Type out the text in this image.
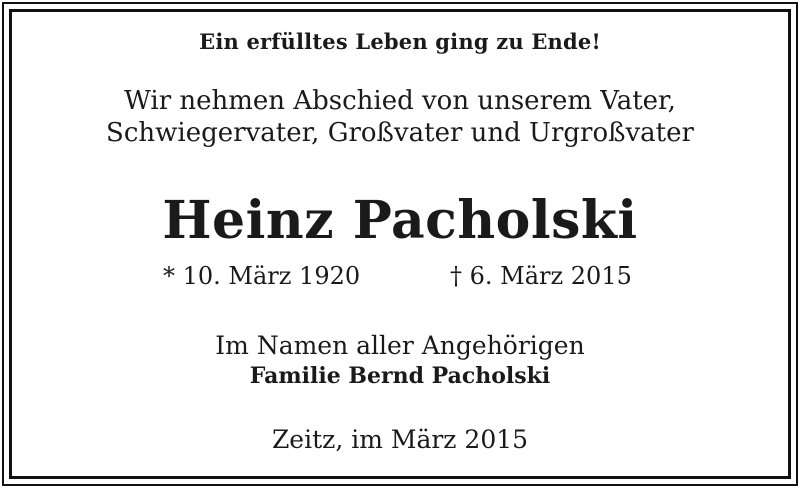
Ein erfülltes Leben ging zu Ende!
Wir nehmen Abschied von unserem Vater,
Schwiegervater, Großvater und Urgroßvater
Heinz Pacholski
* 10. März 1920	† 6. März 2015
Im Namen aller Angehörigen
Familie Bernd Pacholski
Zeitz, im März 2015
